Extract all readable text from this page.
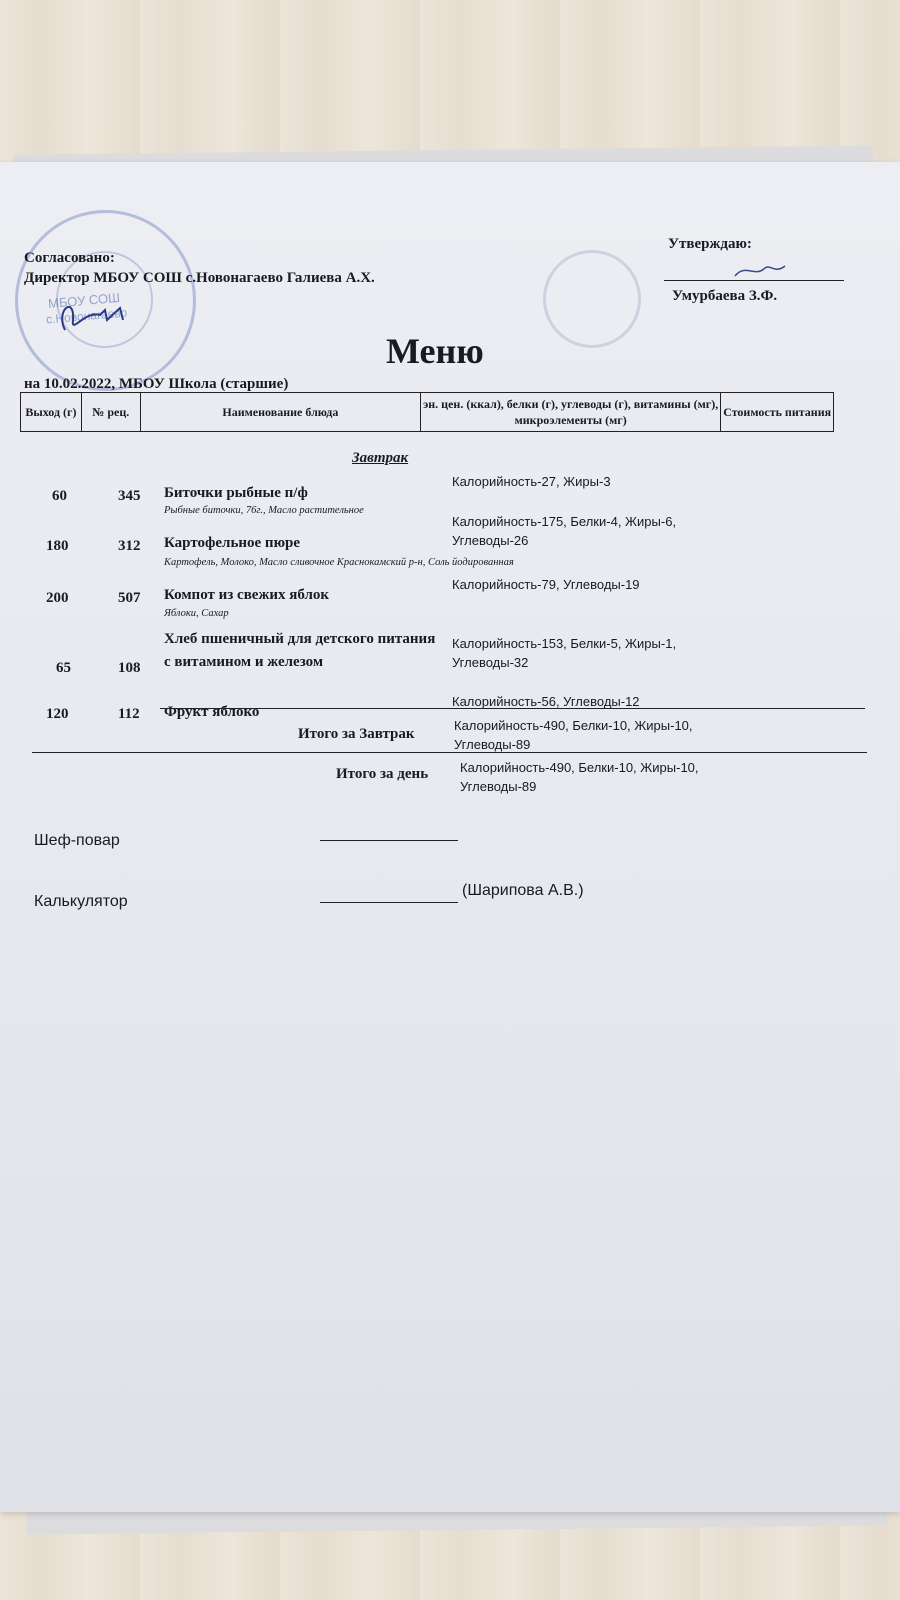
МБОУ СОШ
с.Новонагаево
Согласовано:
Директор МБОУ СОШ с.Новонагаево Галиева А.Х.
Утверждаю:
Умурбаева З.Ф.
Меню
на 10.02.2022, МБОУ Школа (старшие)
Выход (г)	№ рец.	Наименование блюда
эн. цен. (ккал), белки (г), углеводы (г), витамины (мг), микроэлементы (мг)
Стоимость питания
Завтрак
60	345 Биточки рыбные п/ф
Рыбные биточки, 76г., Масло растительное
Калорийность-27, Жиры-3
180	312 Картофельное пюре
Картофель, Молоко, Масло сливочное Краснокамский р-н, Соль йодированная
Калорийность-175, Белки-4, Жиры-6, Углеводы-26
200	507 Компот из свежих яблок
Яблоки, Сахар
Калорийность-79, Углеводы-19
65	108
Хлеб пшеничный для детского питания с витамином и железом
Калорийность-153, Белки-5, Жиры-1, Углеводы-32
120	112 Фрукт яблоко
Калорийность-56, Углеводы-12
Итого за Завтрак
Калорийность-490, Белки-10, Жиры-10, Углеводы-89
Итого за день Калорийность-490, Белки-10, Жиры-10, Углеводы-89
Шеф-повар
Калькулятор
(Шарипова А.В.)
